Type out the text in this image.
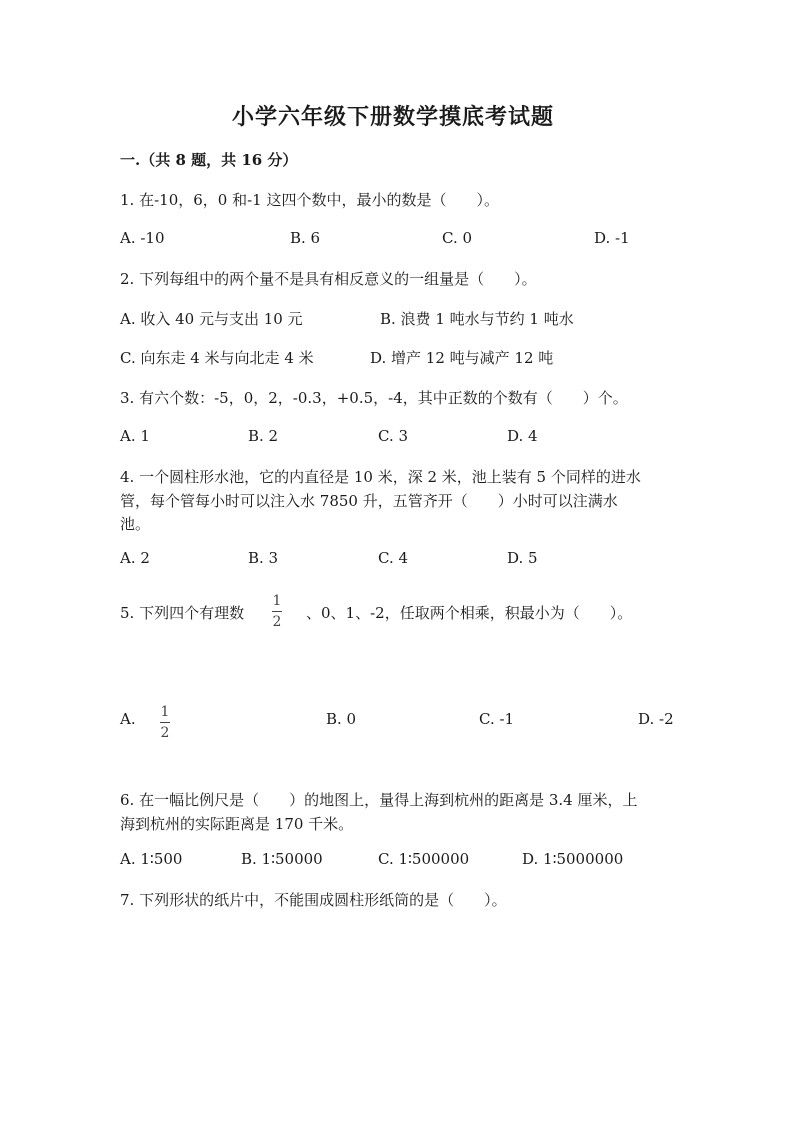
小学六年级下册数学摸底考试题
一.（共 8 题，共 16 分）
1. 在-10，6，0 和-1 这四个数中，最小的数是（　　）。
A. -10	B. 6	C. 0	D. -1
2. 下列每组中的两个量不是具有相反意义的一组量是（　　）。
A. 收入 40 元与支出 10 元	B. 浪费 1 吨水与节约 1 吨水
C. 向东走 4 米与向北走 4 米	D. 增产 12 吨与减产 12 吨
3. 有六个数：-5，0，2，-0.3，+0.5，-4，其中正数的个数有（　　）个。
A. 1	B. 2	C. 3	D. 4
4. 一个圆柱形水池，它的内直径是 10 米，深 2 米，池上装有 5 个同样的进水
管，每个管每小时可以注入水 7850 升，五管齐开（　　）小时可以注满水
池。
A. 2	B. 3	C. 4	D. 5
5. 下列四个有理数
1
2 、0、1、-2，任取两个相乘，积最小为（　　）。
A. 1
2
B. 0	C. -1	D. -2
6. 在一幅比例尺是（　　）的地图上，量得上海到杭州的距离是 3.4 厘米，上
海到杭州的实际距离是 170 千米。
A. 1∶500	B. 1∶50000	C. 1∶500000	D. 1∶5000000
7. 下列形状的纸片中，不能围成圆柱形纸筒的是（　　）。
